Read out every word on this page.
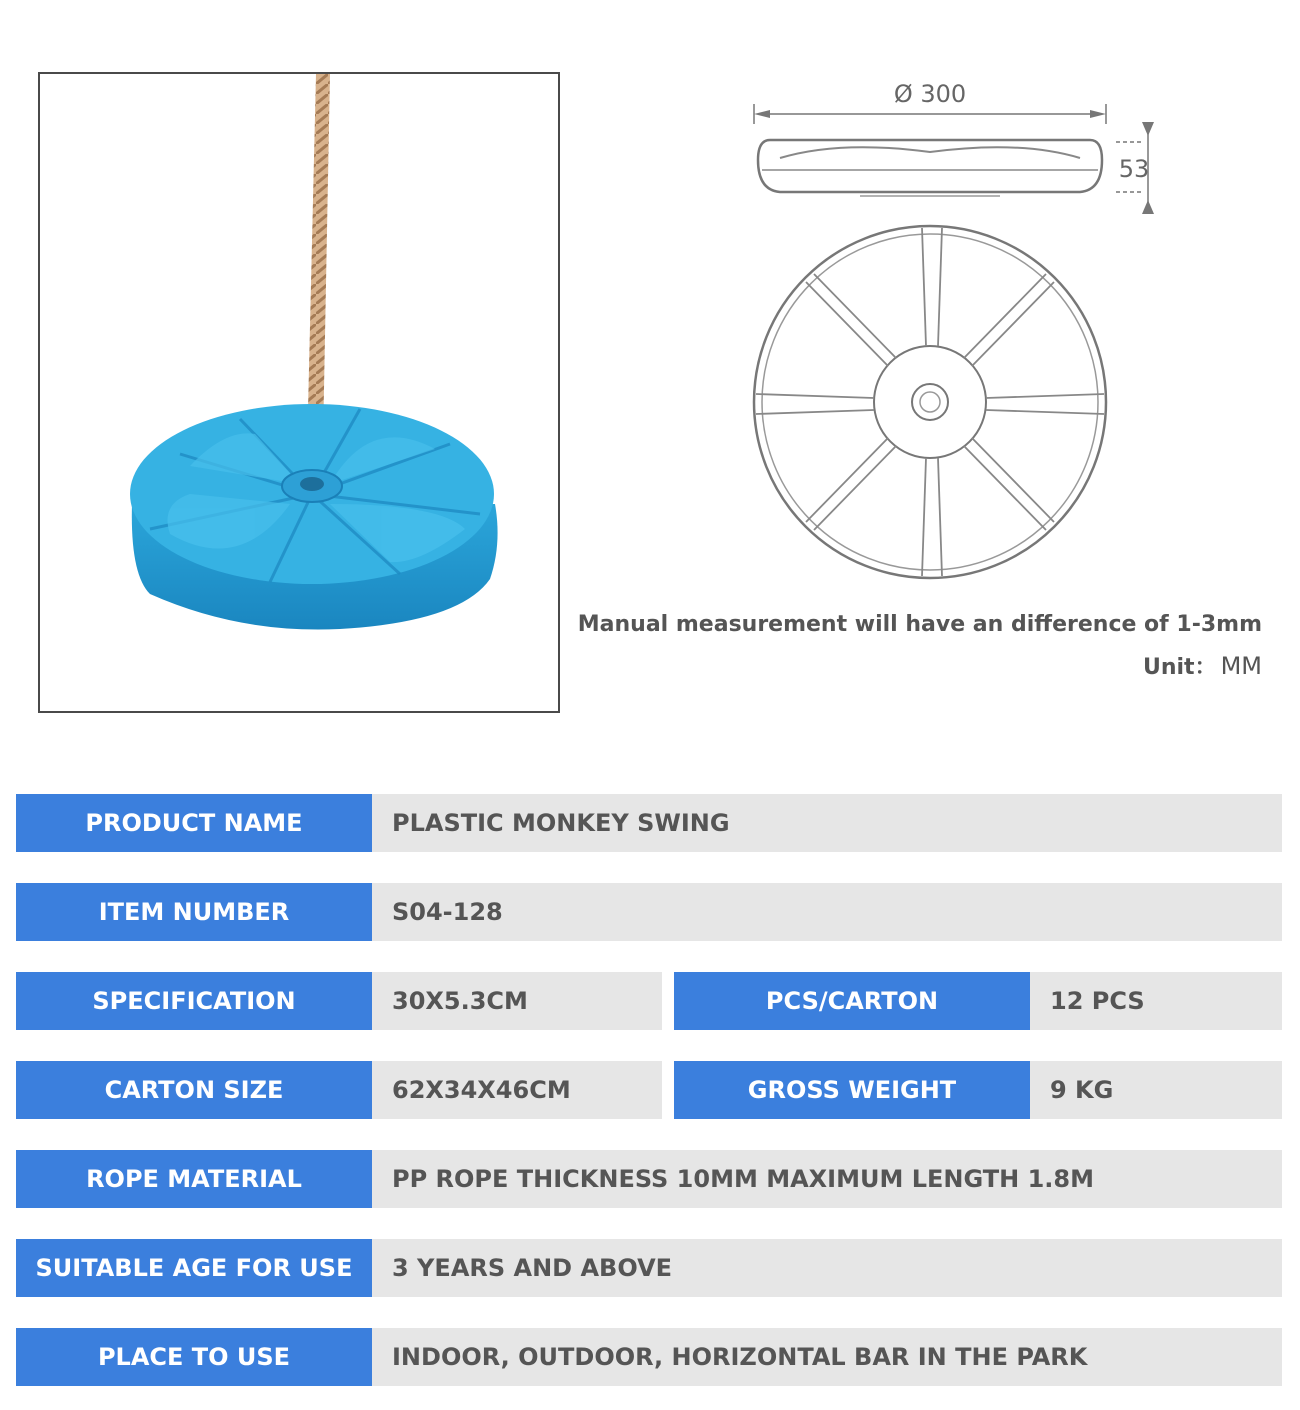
Ø 300
53
Manual measurement will have an difference of 1-3mm
Unit： MM
PRODUCT NAME	PLASTIC MONKEY SWING
ITEM NUMBER	S04-128
SPECIFICATION	30X5.3CM	PCS/CARTON	12 PCS
CARTON SIZE	62X34X46CM	GROSS WEIGHT	9 KG
ROPE MATERIAL	PP ROPE THICKNESS 10MM MAXIMUM LENGTH 1.8M
SUITABLE AGE FOR USE	3 YEARS AND ABOVE
PLACE TO USE	INDOOR, OUTDOOR, HORIZONTAL BAR IN THE PARK
